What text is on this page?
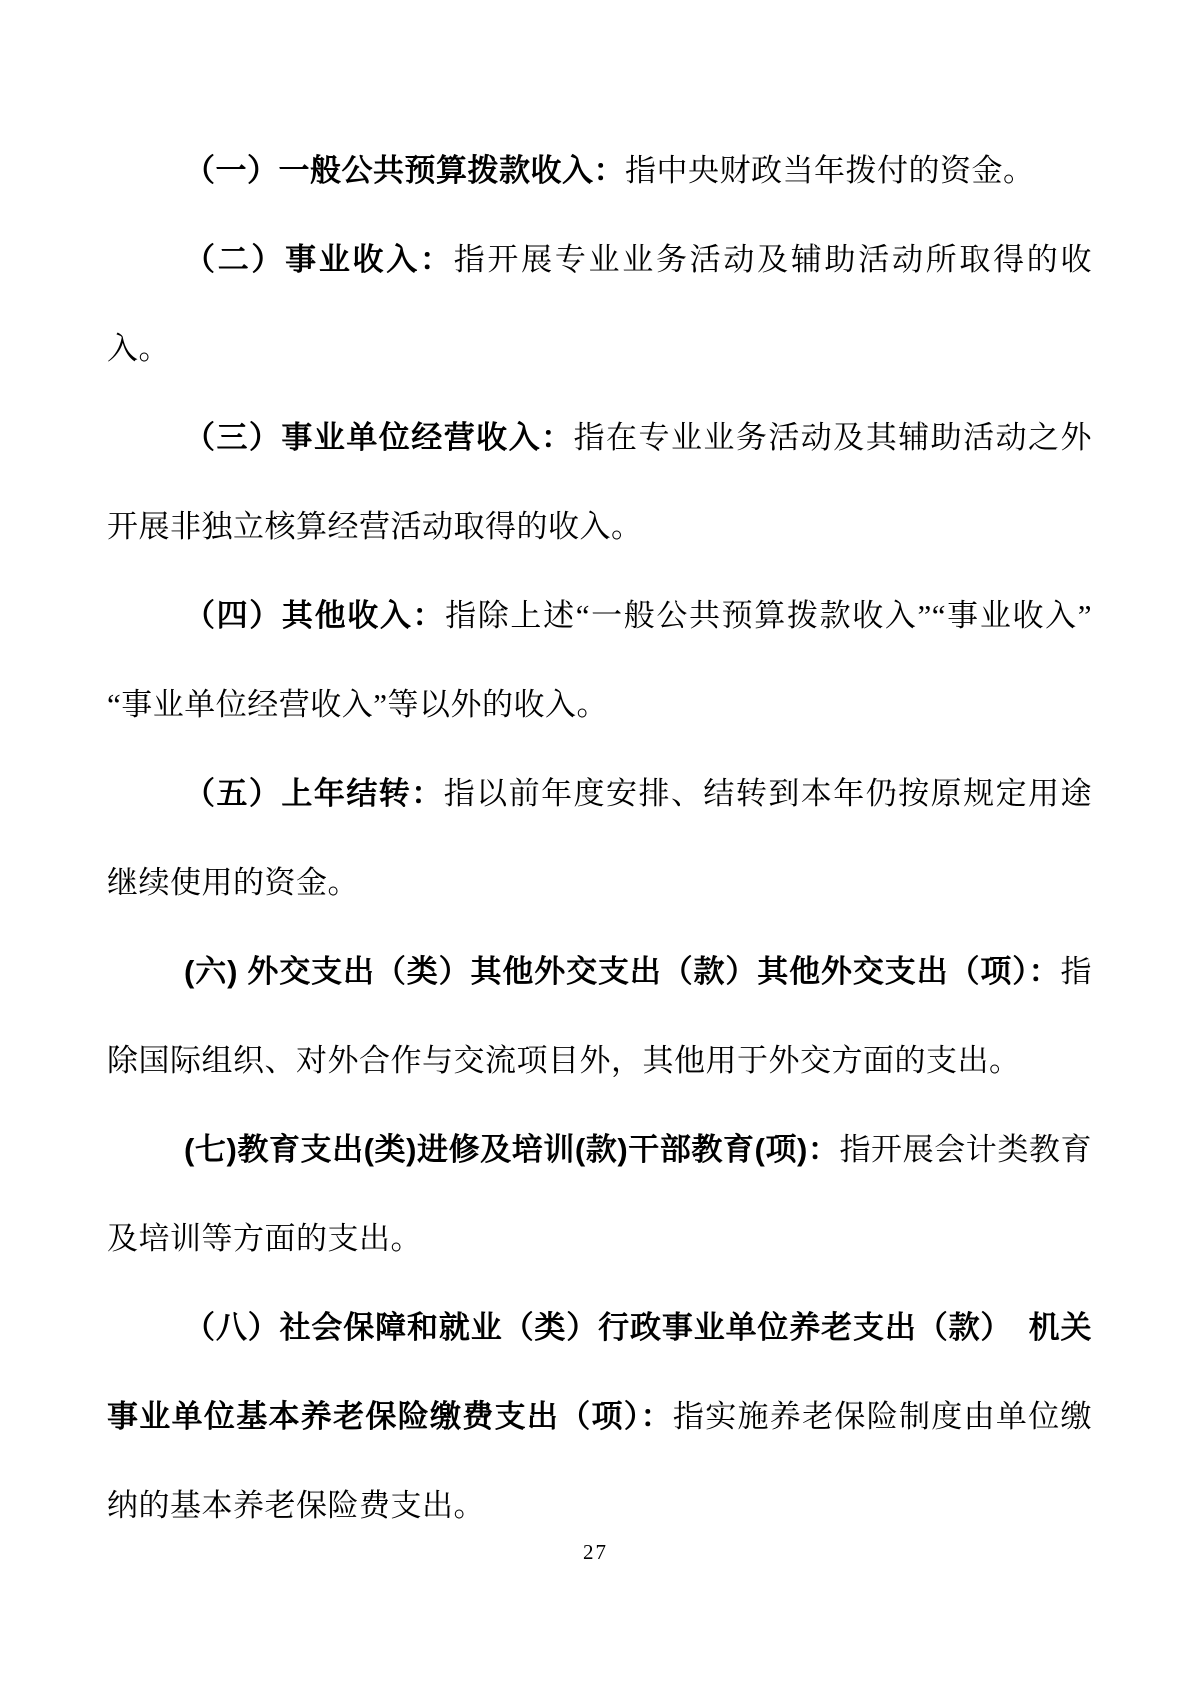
（一）一般公共预算拨款收入：指中央财政当年拨付的资金。

（二）事业收入：指开展专业业务活动及辅助活动所取得的收入。

（三）事业单位经营收入：指在专业业务活动及其辅助活动之外开展非独立核算经营活动取得的收入。

（四）其他收入：指除上述“一般公共预算拨款收入”“事业收入”“事业单位经营收入”等以外的收入。

（五）上年结转：指以前年度安排、结转到本年仍按原规定用途继续使用的资金。

(六) 外交支出（类）其他外交支出（款）其他外交支出（项）：指除国际组织、对外合作与交流项目外，其他用于外交方面的支出。

(七)教育支出(类)进修及培训(款)干部教育(项)：指开展会计类教育及培训等方面的支出。

（八）社会保障和就业（类）行政事业单位养老支出（款）　机关事业单位基本养老保险缴费支出（项）：指实施养老保险制度由单位缴纳的基本养老保险费支出。

27
